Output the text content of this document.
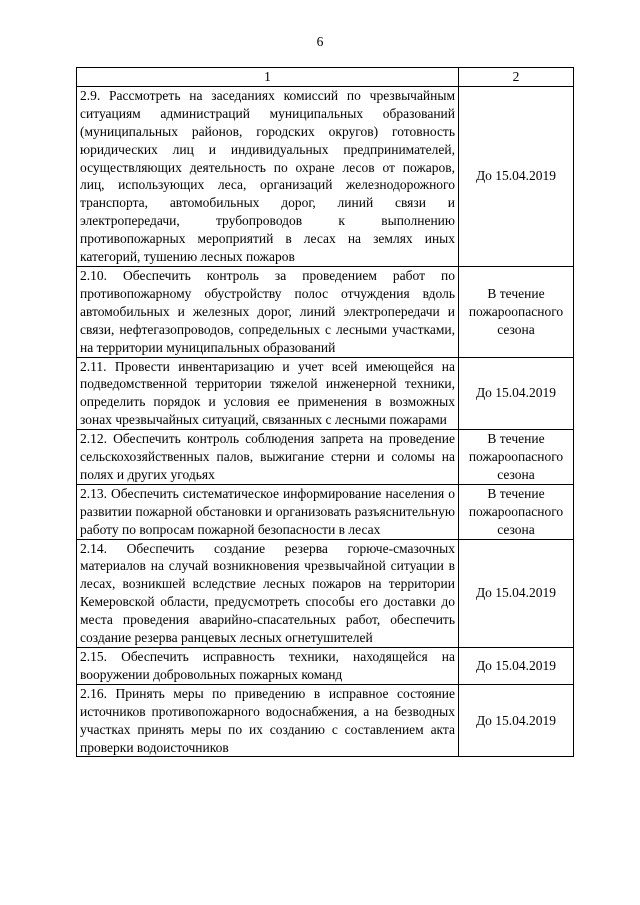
6
1	2
2.9. Рассмотреть на заседаниях комиссий по чрезвычайным ситуациям администраций муниципальных образований (муниципальных районов, городских округов) готовность юридических лиц и индивидуальных предпринимателей, осуществляющих деятельность по охране лесов от пожаров, лиц, использующих леса, организаций железнодорожного транспорта, автомобильных дорог, линий связи и электропередачи, трубопроводов к выполнению противопожарных мероприятий в лесах на землях иных категорий, тушению лесных пожаров	До 15.04.2019
2.10. Обеспечить контроль за проведением работ по противопожарному обустройству полос отчуждения вдоль автомобильных и железных дорог, линий электропередачи и связи, нефтегазопроводов, сопредельных с лесными участками, на территории муниципальных образований	В течение пожароопасного сезона
2.11. Провести инвентаризацию и учет всей имеющейся на подведомственной территории тяжелой инженерной техники, определить порядок и условия ее применения в возможных зонах чрезвычайных ситуаций, связанных с лесными пожарами	До 15.04.2019
2.12. Обеспечить контроль соблюдения запрета на проведение сельскохозяйственных палов, выжигание стерни и соломы на полях и других угодьях	В течение пожароопасного сезона
2.13. Обеспечить систематическое информирование населения о развитии пожарной обстановки и организовать разъяснительную работу по вопросам пожарной безопасности в лесах	В течение пожароопасного сезона
2.14. Обеспечить создание резерва горюче-смазочных материалов на случай возникновения чрезвычайной ситуации в лесах, возникшей вследствие лесных пожаров на территории Кемеровской области, предусмотреть способы его доставки до места проведения аварийно-спасательных работ, обеспечить создание резерва ранцевых лесных огнетушителей	До 15.04.2019
2.15. Обеспечить исправность техники, находящейся на вооружении добровольных пожарных команд	До 15.04.2019
2.16. Принять меры по приведению в исправное состояние источников противопожарного водоснабжения, а на безводных участках принять меры по их созданию с составлением акта проверки водоисточников	До 15.04.2019
